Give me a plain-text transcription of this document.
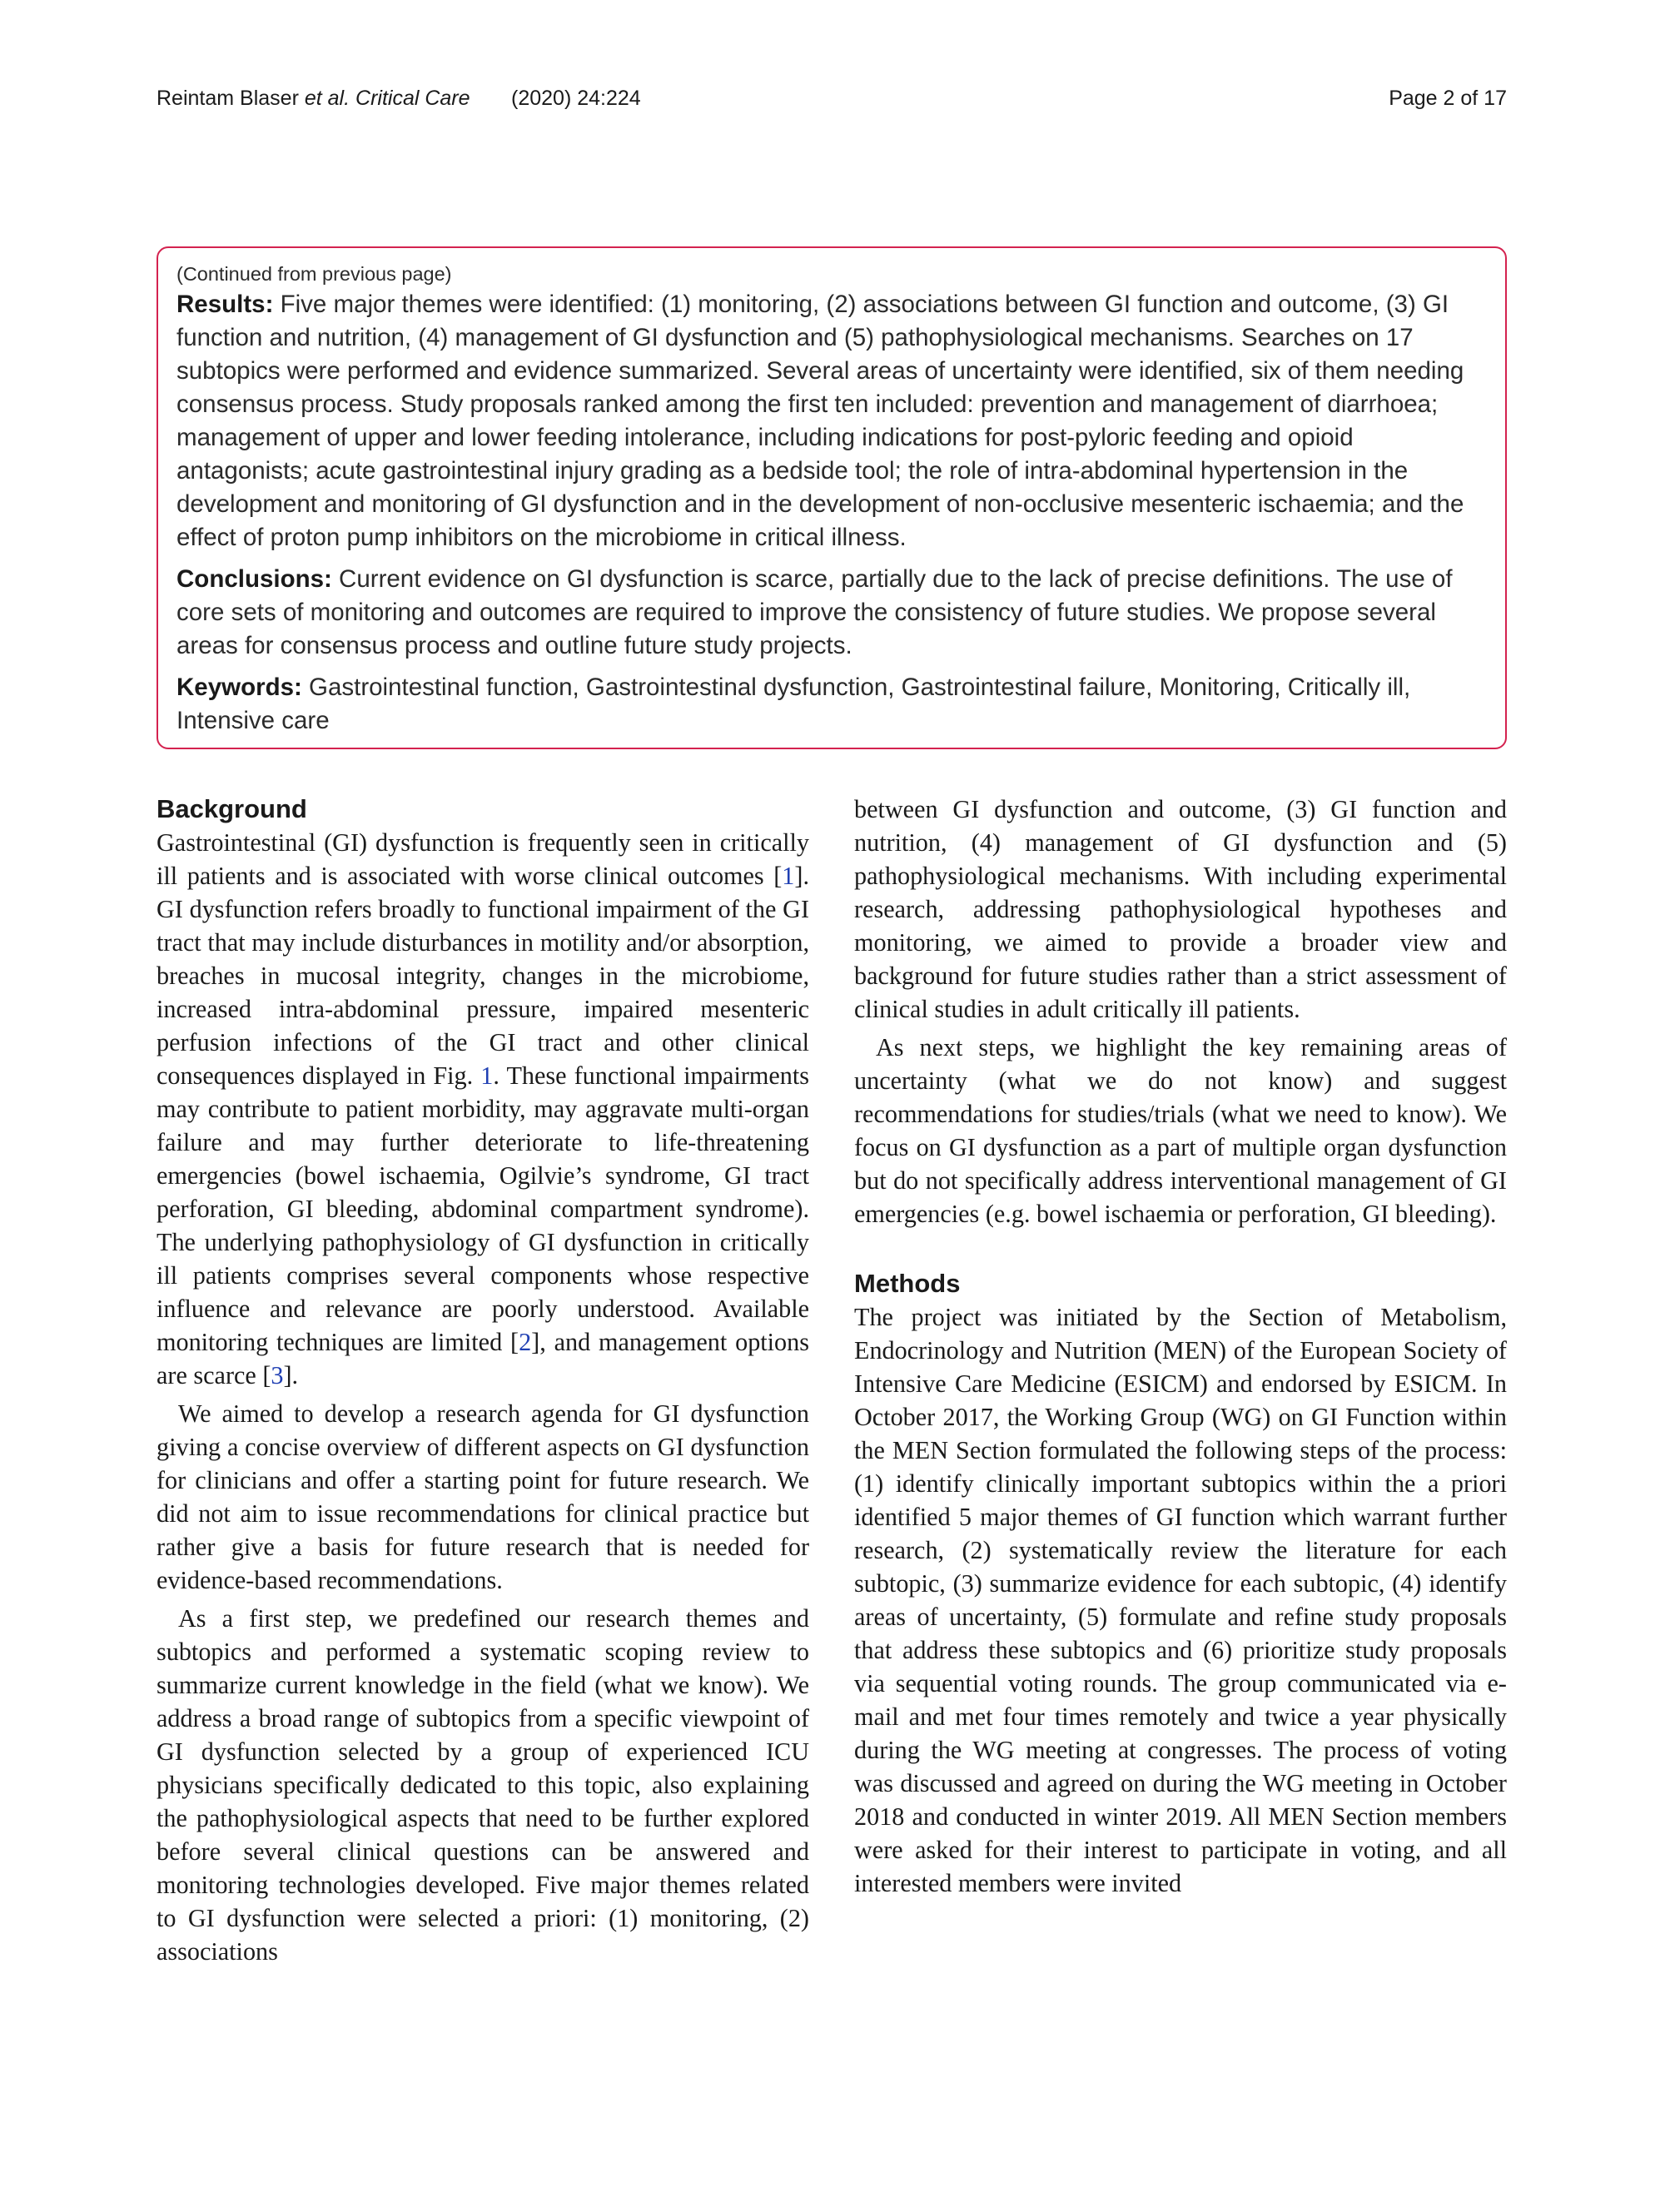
Reintam Blaser et al. Critical Care (2020) 24:224	Page 2 of 17
(Continued from previous page)

Results: Five major themes were identified: (1) monitoring, (2) associations between GI function and outcome, (3) GI function and nutrition, (4) management of GI dysfunction and (5) pathophysiological mechanisms. Searches on 17 subtopics were performed and evidence summarized. Several areas of uncertainty were identified, six of them needing consensus process. Study proposals ranked among the first ten included: prevention and management of diarrhoea; management of upper and lower feeding intolerance, including indications for post-pyloric feeding and opioid antagonists; acute gastrointestinal injury grading as a bedside tool; the role of intra-abdominal hypertension in the development and monitoring of GI dysfunction and in the development of non-occlusive mesenteric ischaemia; and the effect of proton pump inhibitors on the microbiome in critical illness.

Conclusions: Current evidence on GI dysfunction is scarce, partially due to the lack of precise definitions. The use of core sets of monitoring and outcomes are required to improve the consistency of future studies. We propose several areas for consensus process and outline future study projects.

Keywords: Gastrointestinal function, Gastrointestinal dysfunction, Gastrointestinal failure, Monitoring, Critically ill, Intensive care

Background

Gastrointestinal (GI) dysfunction is frequently seen in critically ill patients and is associated with worse clinical outcomes [1]. GI dysfunction refers broadly to functional impairment of the GI tract that may include disturbances in motility and/or absorption, breaches in mucosal integrity, changes in the microbiome, increased intra-abdominal pressure, impaired mesenteric perfusion infections of the GI tract and other clinical consequences displayed in Fig. 1. These functional impairments may contribute to patient morbidity, may aggravate multi-organ failure and may further deteriorate to life-threatening emergencies (bowel ischaemia, Ogilvie’s syndrome, GI tract perforation, GI bleeding, abdominal compartment syndrome). The underlying pathophysiology of GI dysfunction in critically ill patients comprises several components whose respective influence and relevance are poorly understood. Available monitoring techniques are limited [2], and management options are scarce [3].

We aimed to develop a research agenda for GI dysfunction giving a concise overview of different aspects on GI dysfunction for clinicians and offer a starting point for future research. We did not aim to issue recommendations for clinical practice but rather give a basis for future research that is needed for evidence-based recommendations.

As a first step, we predefined our research themes and subtopics and performed a systematic scoping review to summarize current knowledge in the field (what we know). We address a broad range of subtopics from a specific viewpoint of GI dysfunction selected by a group of experienced ICU physicians specifically dedicated to this topic, also explaining the pathophysiological aspects that need to be further explored before several clinical questions can be answered and monitoring technologies developed. Five major themes related to GI dysfunction were selected a priori: (1) monitoring, (2) associations

between GI dysfunction and outcome, (3) GI function and nutrition, (4) management of GI dysfunction and (5) pathophysiological mechanisms. With including experimental research, addressing pathophysiological hypotheses and monitoring, we aimed to provide a broader view and background for future studies rather than a strict assessment of clinical studies in adult critically ill patients.

As next steps, we highlight the key remaining areas of uncertainty (what we do not know) and suggest recommendations for studies/trials (what we need to know). We focus on GI dysfunction as a part of multiple organ dysfunction but do not specifically address interventional management of GI emergencies (e.g. bowel ischaemia or perforation, GI bleeding).

Methods

The project was initiated by the Section of Metabolism, Endocrinology and Nutrition (MEN) of the European Society of Intensive Care Medicine (ESICM) and endorsed by ESICM. In October 2017, the Working Group (WG) on GI Function within the MEN Section formulated the following steps of the process: (1) identify clinically important subtopics within the a priori identified 5 major themes of GI function which warrant further research, (2) systematically review the literature for each subtopic, (3) summarize evidence for each subtopic, (4) identify areas of uncertainty, (5) formulate and refine study proposals that address these subtopics and (6) prioritize study proposals via sequential voting rounds. The group communicated via e-mail and met four times remotely and twice a year physically during the WG meeting at congresses. The process of voting was discussed and agreed on during the WG meeting in October 2018 and conducted in winter 2019. All MEN Section members were asked for their interest to participate in voting, and all interested members were invited
